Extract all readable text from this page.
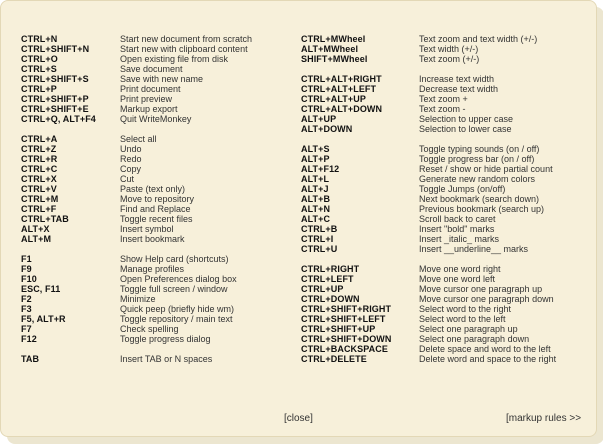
CTRL+N	Start new document from scratch
CTRL+SHIFT+N	Start new with clipboard content
CTRL+O	Open existing file from disk
CTRL+S	Save document
CTRL+SHIFT+S	Save with new name
CTRL+P	Print document
CTRL+SHIFT+P	Print preview
CTRL+SHIFT+E	Markup export
CTRL+Q, ALT+F4	Quit WriteMonkey
CTRL+A	Select all
CTRL+Z	Undo
CTRL+R	Redo
CTRL+C	Copy
CTRL+X	Cut
CTRL+V	Paste (text only)
CTRL+M	Move to repository
CTRL+F	Find and Replace
CTRL+TAB	Toggle recent files
ALT+X	Insert symbol
ALT+M	Insert bookmark
F1	Show Help card (shortcuts)
F9	Manage profiles
F10	Open Preferences dialog box
ESC, F11	Toggle full screen / window
F2	Minimize
F3	Quick peep (briefly hide wm)
F5, ALT+R	Toggle repository / main text
F7	Check spelling
F12	Toggle progress dialog
TAB	Insert TAB or N spaces
CTRL+MWheel	Text zoom and text width (+/-)
ALT+MWheel	Text width (+/-)
SHIFT+MWheel	Text zoom (+/-)
CTRL+ALT+RIGHT	Increase text width
CTRL+ALT+LEFT	Decrease text width
CTRL+ALT+UP	Text zoom +
CTRL+ALT+DOWN	Text zoom -
ALT+UP	Selection to upper case
ALT+DOWN	Selection to lower case
ALT+S	Toggle typing sounds (on / off)
ALT+P	Toggle progress bar (on / off)
ALT+F12	Reset / show or hide partial count
ALT+L	Generate new random colors
ALT+J	Toggle Jumps (on/off)
ALT+B	Next bookmark (search down)
ALT+N	Previous bookmark (search up)
ALT+C	Scroll back to caret
CTRL+B	Insert "bold" marks
CTRL+I	Insert _italic_ marks
CTRL+U	Insert __underline__ marks
CTRL+RIGHT	Move one word right
CTRL+LEFT	Move one word left
CTRL+UP	Move cursor one paragraph up
CTRL+DOWN	Move cursor one paragraph down
CTRL+SHIFT+RIGHT	Select word to the right
CTRL+SHIFT+LEFT	Select word to the left
CTRL+SHIFT+UP	Select one paragraph up
CTRL+SHIFT+DOWN	Select one paragraph down
CTRL+BACKSPACE	Delete space and word to the left
CTRL+DELETE	Delete word and space to the right
[close]	[markup rules >>
